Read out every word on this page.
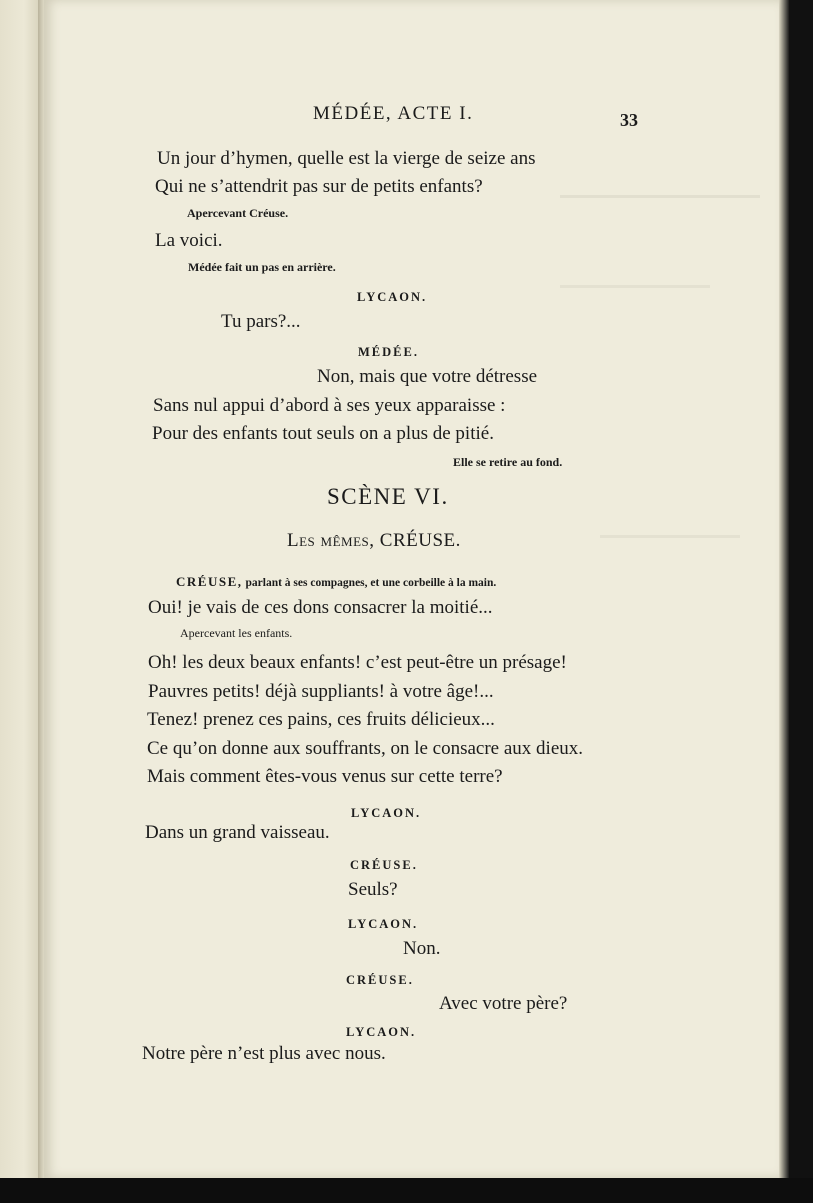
MÉDÉE, ACTE I.	33
Un jour d’hymen, quelle est la vierge de seize ans
Qui ne s’attendrit pas sur de petits enfants?
Apercevant Créuse.
La voici.
Médée fait un pas en arrière.
LYCAON.
Tu pars?...
MÉDÉE.
Non, mais que votre détresse
Sans nul appui d’abord à ses yeux apparaisse :
Pour des enfants tout seuls on a plus de pitié.
Elle se retire au fond.
SCÈNE VI.
Les mêmes, CRÉUSE.
CRÉUSE, parlant à ses compagnes, et une corbeille à la main.
Oui! je vais de ces dons consacrer la moitié...
Apercevant les enfants.
Oh! les deux beaux enfants! c’est peut-être un présage!
Pauvres petits! déjà suppliants! à votre âge!...
Tenez! prenez ces pains, ces fruits délicieux...
Ce qu’on donne aux souffrants, on le consacre aux dieux.
Mais comment êtes-vous venus sur cette terre?
LYCAON.
Dans un grand vaisseau.
CRÉUSE.
Seuls?
LYCAON.
Non.
CRÉUSE.
Avec votre père?
LYCAON.
Notre père n’est plus avec nous.
